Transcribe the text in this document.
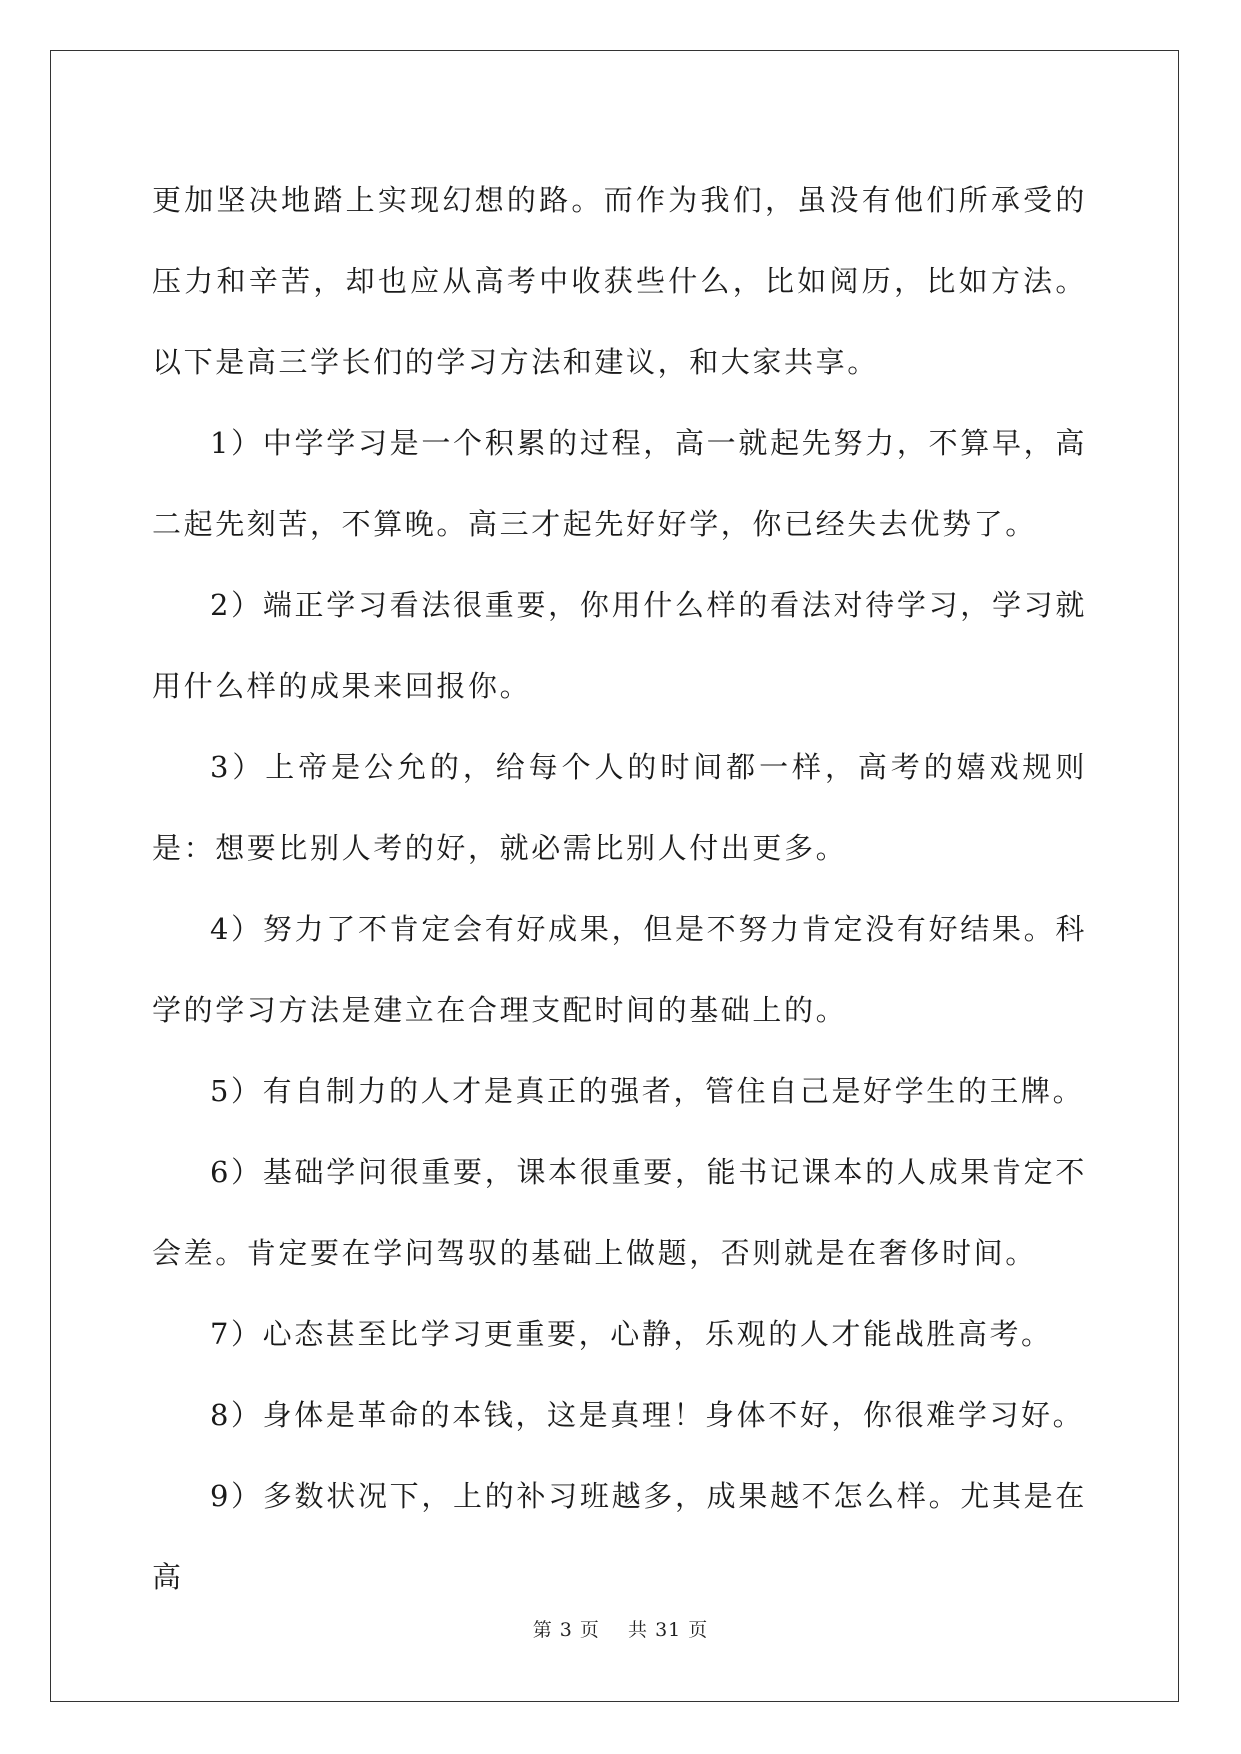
更加坚决地踏上实现幻想的路。而作为我们，虽没有他们所承受的压力和辛苦，却也应从高考中收获些什么，比如阅历，比如方法。 以下是高三学长们的学习方法和建议，和大家共享。

1）中学学习是一个积累的过程，高一就起先努力，不算早，高二起先刻苦，不算晚。高三才起先好好学，你已经失去优势了。

2）端正学习看法很重要，你用什么样的看法对待学习，学习就用什么样的成果来回报你。

3）上帝是公允的，给每个人的时间都一样，高考的嬉戏规则是：想要比别人考的好，就必需比别人付出更多。

4）努力了不肯定会有好成果，但是不努力肯定没有好结果。科学的学习方法是建立在合理支配时间的基础上的。

5）有自制力的人才是真正的强者，管住自己是好学生的王牌。

6）基础学问很重要，课本很重要，能书记课本的人成果肯定不会差。肯定要在学问驾驭的基础上做题，否则就是在奢侈时间。

7）心态甚至比学习更重要，心静，乐观的人才能战胜高考。

8）身体是革命的本钱，这是真理！身体不好，你很难学习好。

9）多数状况下，上的补习班越多，成果越不怎么样。尤其是在高

第 3 页    共 31 页
